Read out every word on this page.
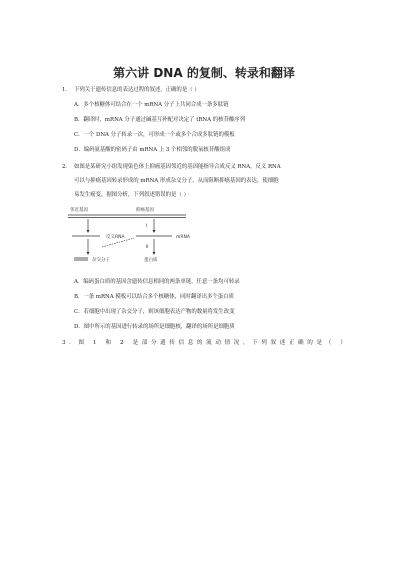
第六讲 DNA 的复制、转录和翻译
1． 下列关于遗传信息的表达过程的叙述，正确的是（ ）
A．多个核糖体可结合在一个 mRNA 分子上共同合成一条多肽链
B．翻译时，mRNA 分子通过碱基互补配对决定了 tRNA 的核苷酸序列
C．一个 DNA 分子转录一次，可形成一个或多个合成多肽链的模板
D．编码氨基酸的密码子由 mRNA 上 3 个相邻的脱氧核苷酸组成
2． 如图是某研究小组发现染色体上抑癌基因邻近的基因能指导合成反义 RNA，反义 RNA
可以与抑癌基因转录形成的 mRNA 形成杂交分子，从而阻断抑癌基因的表达，使细胞
易发生癌变，据图分析，下列叙述错误的是（ ）
邻近基因	抑癌基因
Ⅰ
反义RNA	mRNA
Ⅱ
杂交分子	蛋白质
A．编码蛋白质的基因含遗传信息相同的两条单链，任意一条均可转录
B．一条 mRNA 模板可以结合多个核糖体，同时翻译出多个蛋白质
C．若细胞中出现了杂交分子，则该细胞表达产物的数量将发生改变
D．图中所示的基因进行转录的场所是细胞核，翻译的场所是细胞质
3．图 1 和 2 是部分遗传信息的流动情况，下列叙述正确的是（ ）
